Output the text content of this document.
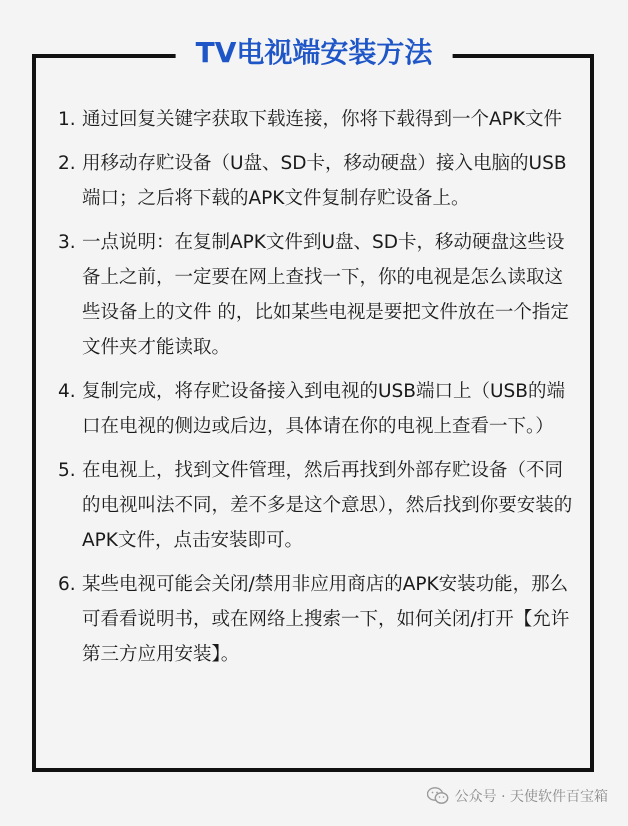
TV电视端安装方法
1. 通过回复关键字获取下载连接，你将下载得到一个APK文件
2. 用移动存贮设备（U盘、SD卡，移动硬盘）接入电脑的USB端口；之后将下载的APK文件复制存贮设备上。
3. 一点说明：在复制APK文件到U盘、SD卡，移动硬盘这些设备上之前，一定要在网上查找一下，你的电视是怎么读取这些设备上的文件 的，比如某些电视是要把文件放在一个指定文件夹才能读取。
4. 复制完成，将存贮设备接入到电视的USB端口上（USB的端口在电视的侧边或后边，具体请在你的电视上查看一下。）
5. 在电视上，找到文件管理，然后再找到外部存贮设备（不同的电视叫法不同，差不多是这个意思），然后找到你要安装的APK文件，点击安装即可。
6. 某些电视可能会关闭/禁用非应用商店的APK安装功能，那么可看看说明书，或在网络上搜索一下，如何关闭/打开【允许第三方应用安装】。
公众号 · 天使软件百宝箱
